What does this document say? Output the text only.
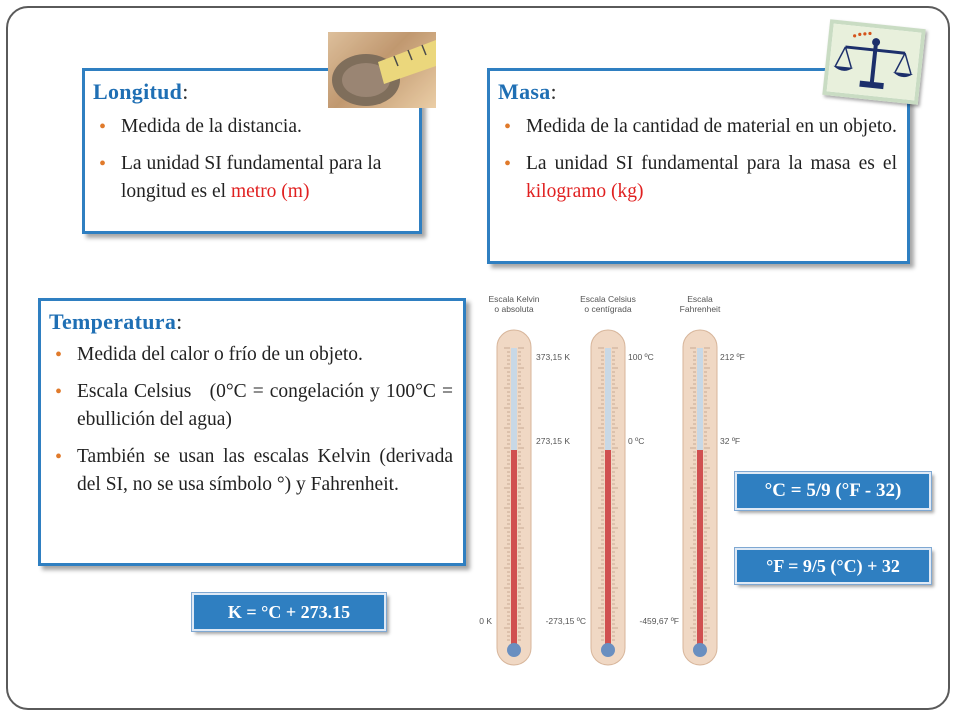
Longitud:
• Medida de la distancia.
• La unidad SI fundamental para la longitud es el metro (m)
Masa:
• Medida de la cantidad de material en un objeto.
• La unidad SI fundamental para la masa es el kilogramo (kg)
Temperatura:
• Medida del calor o frío de un objeto.
• Escala Celsius   (0°C = congelación y 100°C = ebullición del agua)
• También se usan las escalas Kelvin (derivada del SI, no se usa símbolo °) y Fahrenheit.
Escala Kelvin
o absoluta
373,15 K
273,15 K
0 K
Escala Celsius
o centígrada
100 ºC
0 ºC
-273,15 ºC
Escala
Fahrenheit
212 ºF
32 ºF
-459,67 ºF
°C = 5/9 (°F - 32)
°F = 9/5 (°C) + 32
K = °C + 273.15
